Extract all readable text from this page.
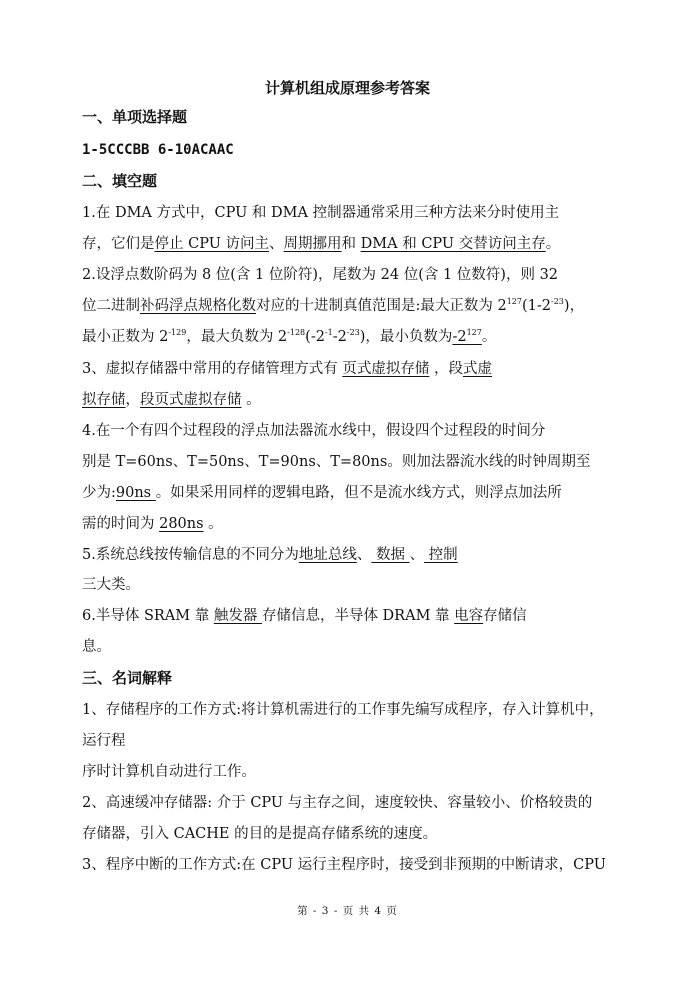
计算机组成原理参考答案
一、单项选择题
1-5CCCBB 6-10ACAAC
二、填空题
1.在 DMA 方式中，CPU 和 DMA 控制器通常采用三种方法来分时使用主
存，它们是停止 CPU 访问主、周期挪用和 DMA 和 CPU 交替访问主存。
2.设浮点数阶码为 8 位(含 1 位阶符)，尾数为 24 位(含 1 位数符)，则 32
位二进制补码浮点规格化数对应的十进制真值范围是:最大正数为 $2^{127}(1-2^{-23})$，
最小正数为 $2^{-129}$，最大负数为 $2^{-128}(-2^{-1}-2^{-23})$，最小负数为$-2^{127}$。
3、虚拟存储器中常用的存储管理方式有 页式虚拟存储 ，段式虚
拟存储，段页式虚拟存储 。
4.在一个有四个过程段的浮点加法器流水线中，假设四个过程段的时间分
别是 T=60ns、T=50ns、T=90ns、T=80ns。则加法器流水线的时钟周期至
少为:90ns 。如果采用同样的逻辑电路，但不是流水线方式，则浮点加法所
需的时间为 280ns 。
5.系统总线按传输信息的不同分为地址总线、 数据 、 控制
三大类。
6.半导体 SRAM 靠 触发器 存储信息，半导体 DRAM 靠 电容存储信
息。
三、名词解释
1、存储程序的工作方式:将计算机需进行的工作事先编写成程序，存入计算机中，
运行程
序时计算机自动进行工作。
2、高速缓冲存储器: 介于 CPU 与主存之间，速度较快、容量较小、价格较贵的
存储器，引入 CACHE 的目的是提高存储系统的速度。
3、程序中断的工作方式:在 CPU 运行主程序时，接受到非预期的中断请求，CPU
第 - 3 - 页 共 4 页
